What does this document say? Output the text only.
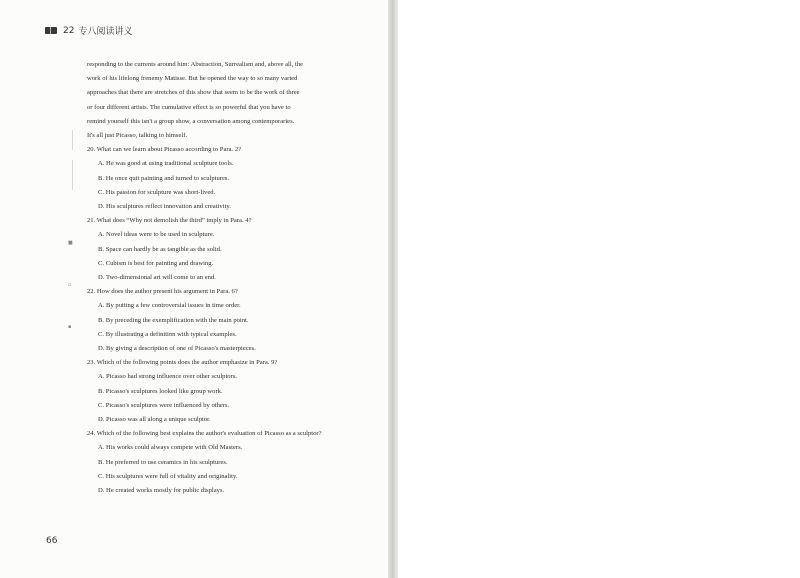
22 专八阅读讲义
■
▫
▪

responding to the currents around him: Abstraction, Surrealism and, above all, the

work of his lifelong frenemy Matisse. But he opened the way to so many varied

approaches that there are stretches of this show that seem to be the work of three

or four different artists. The cumulative effect is so powerful that you have to

remind yourself this isn't a group show, a conversation among contemporaries.

It's all just Picasso, talking to himself.

20. What can we learn about Picasso according to Para. 2?

A. He was good at using traditional sculpture tools.

B. He once quit painting and turned to sculptures.

C. His passion for sculpture was short-lived.

D. His sculptures reflect innovation and creativity.

21. What does “Why not demolish the third” imply in Para. 4?

A. Novel ideas were to be used in sculpture.

B. Space can hardly be as tangible as the solid.

C. Cubism is best for painting and drawing.

D. Two-dimensional art will come to an end.

22. How does the author present his argument in Para. 6?

A. By putting a few controversial issues in time order.

B. By preceding the exemplification with the main point.

C. By illustrating a definition with typical examples.

D. By giving a description of one of Picasso's masterpieces.

23. Which of the following points does the author emphasize in Para. 9?

A. Picasso had strong influence over other sculptors.

B. Picasso's sculptures looked like group work.

C. Picasso's sculptures were influenced by others.

D. Picasso was all along a unique sculptor.

24. Which of the following best explains the author's evaluation of Picasso as a sculptor?

A. His works could always compete with Old Masters.

B. He preferred to use ceramics in his sculptures.

C. His sculptures were full of vitality and originality.

D. He created works mostly for public displays.

66
